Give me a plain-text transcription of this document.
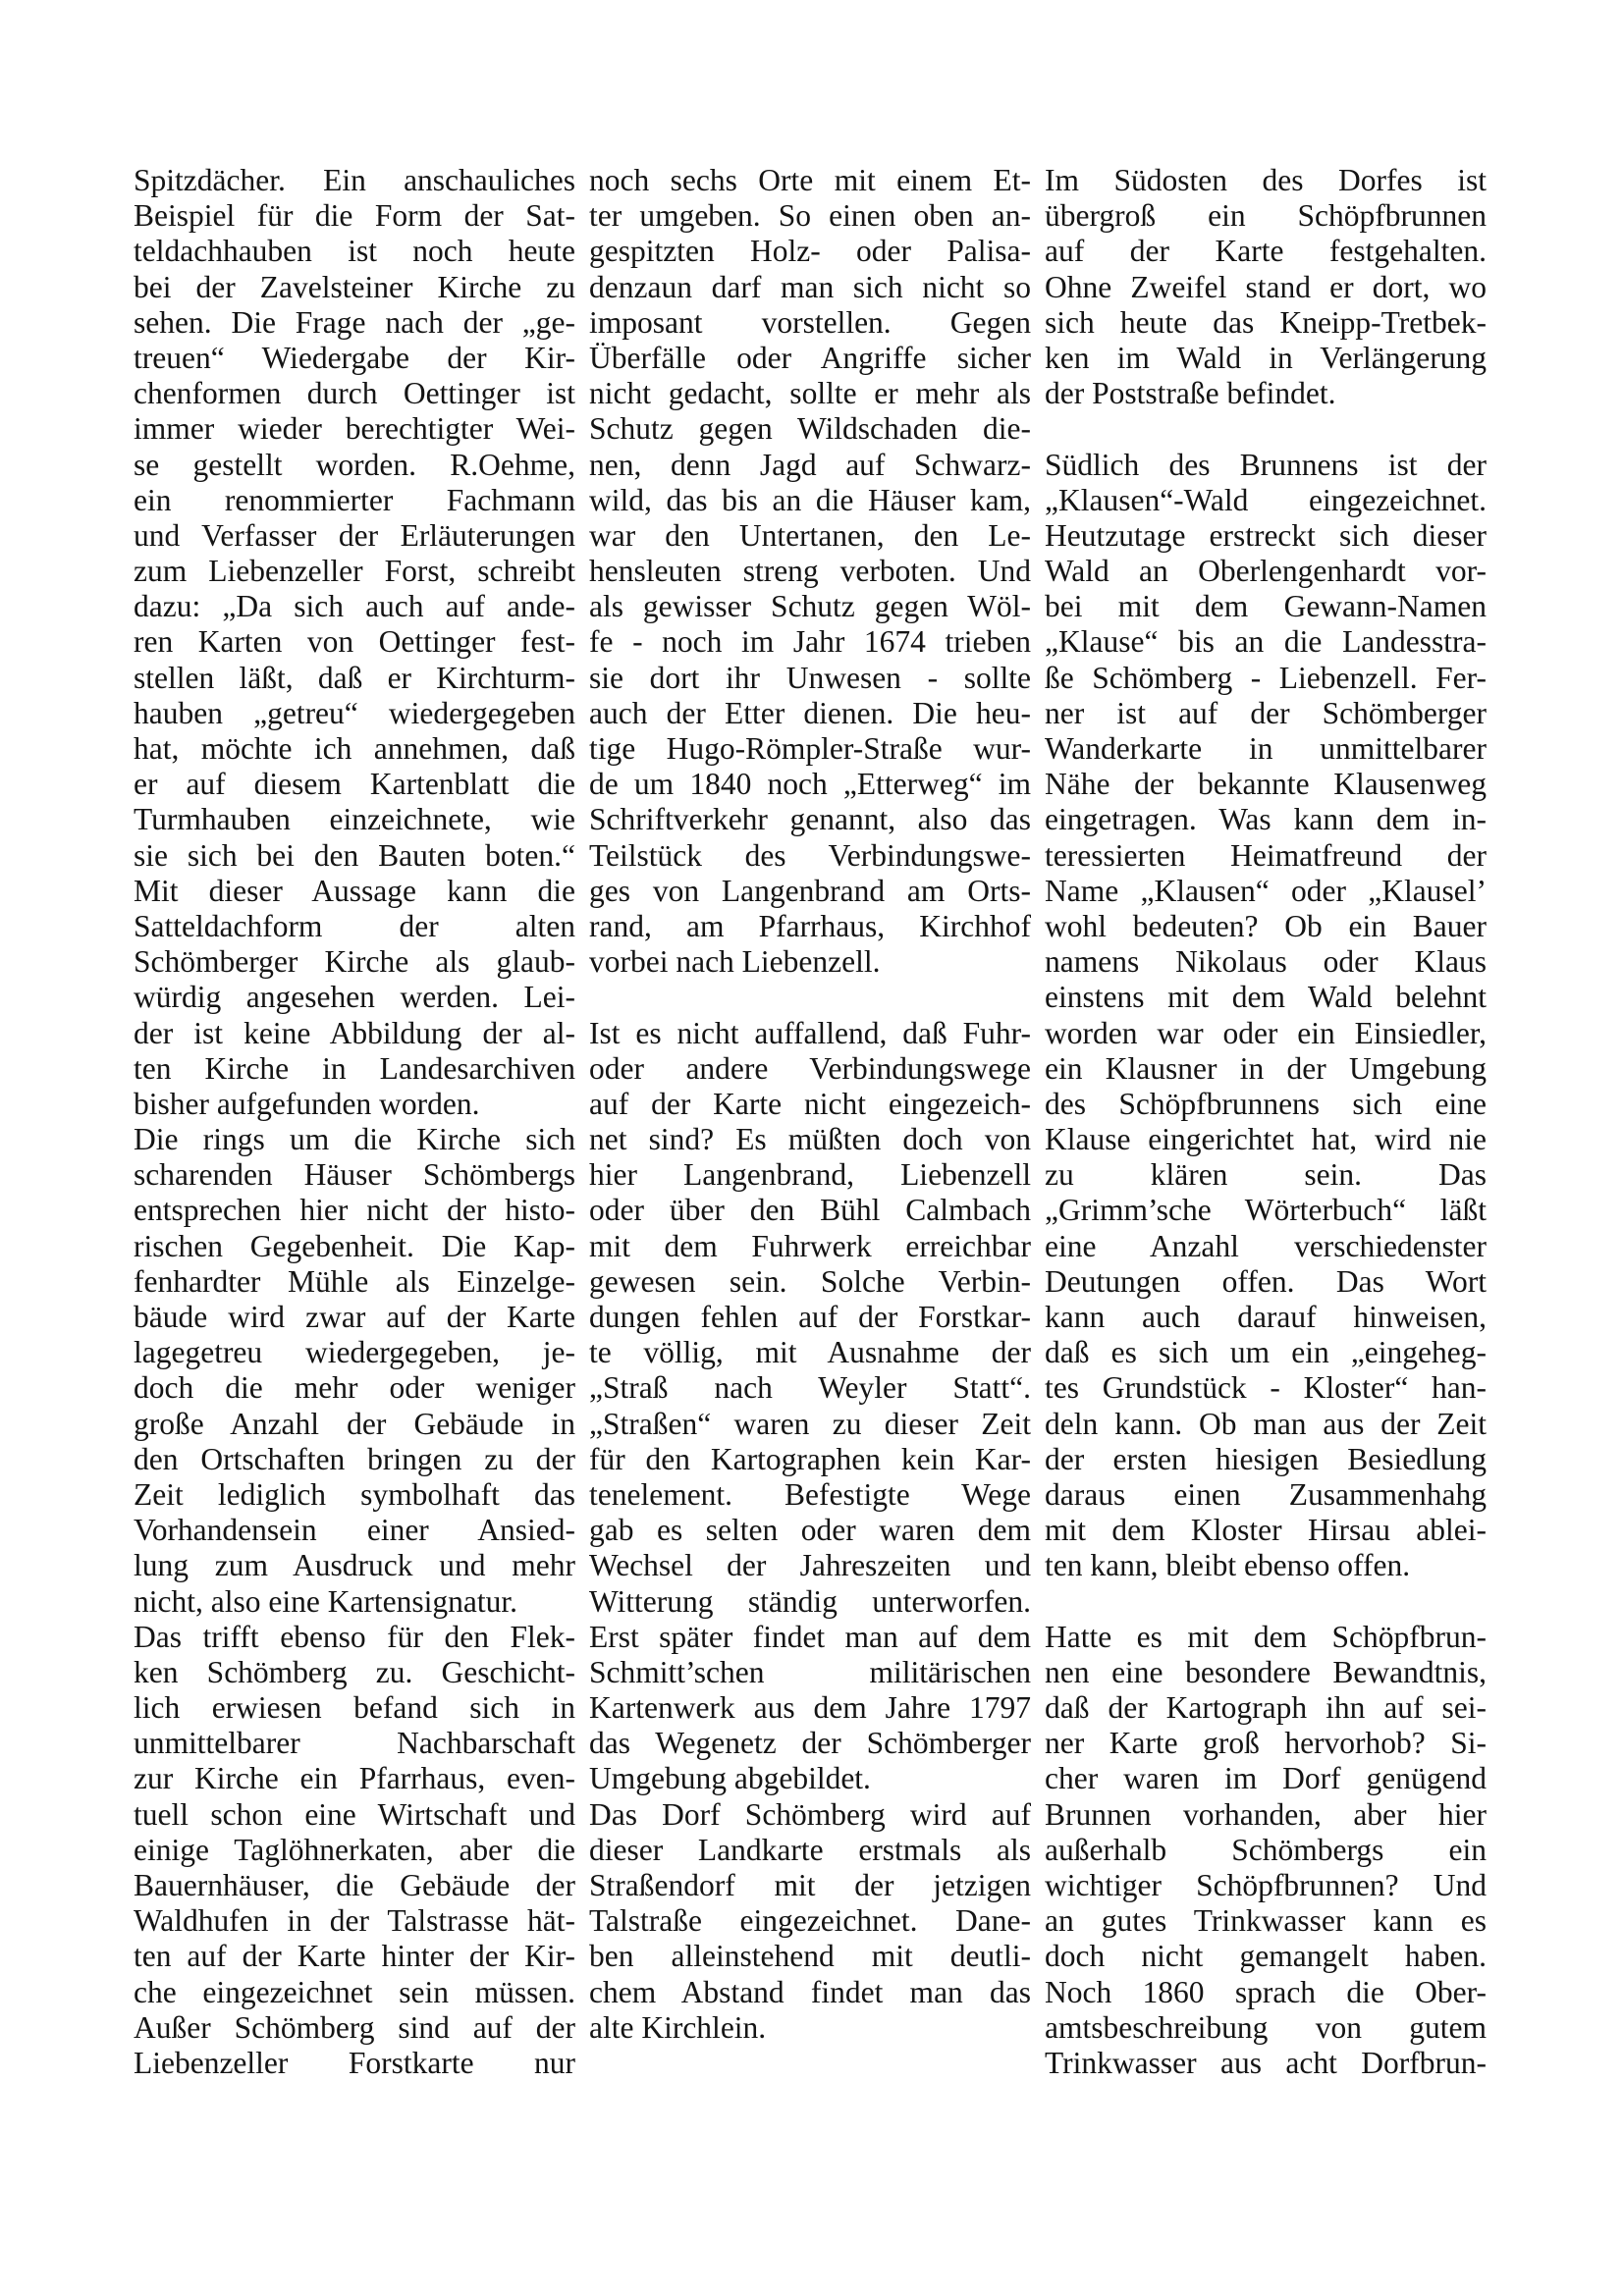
Spitzdächer. Ein anschauliches
Beispiel für die Form der Sat-
teldachhauben ist noch heute
bei der Zavelsteiner Kirche zu
sehen. Die Frage nach der „ge-
treuen“ Wiedergabe der Kir-
chenformen durch Oettinger ist
immer wieder berechtigter Wei-
se gestellt worden. R.Oehme,
ein renommierter Fachmann
und Verfasser der Erläuterungen
zum Liebenzeller Forst, schreibt
dazu: „Da sich auch auf ande-
ren Karten von Oettinger fest-
stellen läßt, daß er Kirchturm-
hauben „getreu“ wiedergegeben
hat, möchte ich annehmen, daß
er auf diesem Kartenblatt die
Turmhauben einzeichnete, wie
sie sich bei den Bauten boten.“
Mit dieser Aussage kann die
Satteldachform der alten
Schömberger Kirche als glaub-
würdig angesehen werden. Lei-
der ist keine Abbildung der al-
ten Kirche in Landesarchiven
bisher aufgefunden worden.
Die rings um die Kirche sich
scharenden Häuser Schömbergs
entsprechen hier nicht der histo-
rischen Gegebenheit. Die Kap-
fenhardter Mühle als Einzelge-
bäude wird zwar auf der Karte
lagegetreu wiedergegeben, je-
doch die mehr oder weniger
große Anzahl der Gebäude in
den Ortschaften bringen zu der
Zeit lediglich symbolhaft das
Vorhandensein einer Ansied-
lung zum Ausdruck und mehr
nicht, also eine Kartensignatur.
Das trifft ebenso für den Flek-
ken Schömberg zu. Geschicht-
lich erwiesen befand sich in
unmittelbarer Nachbarschaft
zur Kirche ein Pfarrhaus, even-
tuell schon eine Wirtschaft und
einige Taglöhnerkaten, aber die
Bauernhäuser, die Gebäude der
Waldhufen in der Talstrasse hät-
ten auf der Karte hinter der Kir-
che eingezeichnet sein müssen.
Außer Schömberg sind auf der
Liebenzeller Forstkarte nur
noch sechs Orte mit einem Et-
ter umgeben. So einen oben an-
gespitzten Holz- oder Palisa-
denzaun darf man sich nicht so
imposant vorstellen. Gegen
Überfälle oder Angriffe sicher
nicht gedacht, sollte er mehr als
Schutz gegen Wildschaden die-
nen, denn Jagd auf Schwarz-
wild, das bis an die Häuser kam,
war den Untertanen, den Le-
hensleuten streng verboten. Und
als gewisser Schutz gegen Wöl-
fe - noch im Jahr 1674 trieben
sie dort ihr Unwesen - sollte
auch der Etter dienen. Die heu-
tige Hugo-Römpler-Straße wur-
de um 1840 noch „Etterweg“ im
Schriftverkehr genannt, also das
Teilstück des Verbindungswe-
ges von Langenbrand am Orts-
rand, am Pfarrhaus, Kirchhof
vorbei nach Liebenzell.
Ist es nicht auffallend, daß Fuhr-
oder andere Verbindungswege
auf der Karte nicht eingezeich-
net sind? Es müßten doch von
hier Langenbrand, Liebenzell
oder über den Bühl Calmbach
mit dem Fuhrwerk erreichbar
gewesen sein. Solche Verbin-
dungen fehlen auf der Forstkar-
te völlig, mit Ausnahme der
„Straß nach Weyler Statt“.
„Straßen“ waren zu dieser Zeit
für den Kartographen kein Kar-
tenelement. Befestigte Wege
gab es selten oder waren dem
Wechsel der Jahreszeiten und
Witterung ständig unterworfen.
Erst später findet man auf dem
Schmitt’schen militärischen
Kartenwerk aus dem Jahre 1797
das Wegenetz der Schömberger
Umgebung abgebildet.
Das Dorf Schömberg wird auf
dieser Landkarte erstmals als
Straßendorf mit der jetzigen
Talstraße eingezeichnet. Dane-
ben alleinstehend mit deutli-
chem Abstand findet man das
alte Kirchlein.
Im Südosten des Dorfes ist
übergroß ein Schöpfbrunnen
auf der Karte festgehalten.
Ohne Zweifel stand er dort, wo
sich heute das Kneipp-Tretbek-
ken im Wald in Verlängerung
der Poststraße befindet.
Südlich des Brunnens ist der
„Klausen“-Wald eingezeichnet.
Heutzutage erstreckt sich dieser
Wald an Oberlengenhardt vor-
bei mit dem Gewann-Namen
„Klause“ bis an die Landesstra-
ße Schömberg - Liebenzell. Fer-
ner ist auf der Schömberger
Wanderkarte in unmittelbarer
Nähe der bekannte Klausenweg
eingetragen. Was kann dem in-
teressierten Heimatfreund der
Name „Klausen“ oder „Klausel’
wohl bedeuten? Ob ein Bauer
namens Nikolaus oder Klaus
einstens mit dem Wald belehnt
worden war oder ein Einsiedler,
ein Klausner in der Umgebung
des Schöpfbrunnens sich eine
Klause eingerichtet hat, wird nie
zu klären sein. Das
„Grimm’sche Wörterbuch“ läßt
eine Anzahl verschiedenster
Deutungen offen. Das Wort
kann auch darauf hinweisen,
daß es sich um ein „eingeheg-
tes Grundstück - Kloster“ han-
deln kann. Ob man aus der Zeit
der ersten hiesigen Besiedlung
daraus einen Zusammenhahg
mit dem Kloster Hirsau ablei-
ten kann, bleibt ebenso offen.
Hatte es mit dem Schöpfbrun-
nen eine besondere Bewandtnis,
daß der Kartograph ihn auf sei-
ner Karte groß hervorhob? Si-
cher waren im Dorf genügend
Brunnen vorhanden, aber hier
außerhalb Schömbergs ein
wichtiger Schöpfbrunnen? Und
an gutes Trinkwasser kann es
doch nicht gemangelt haben.
Noch 1860 sprach die Ober-
amtsbeschreibung von gutem
Trinkwasser aus acht Dorfbrun-
